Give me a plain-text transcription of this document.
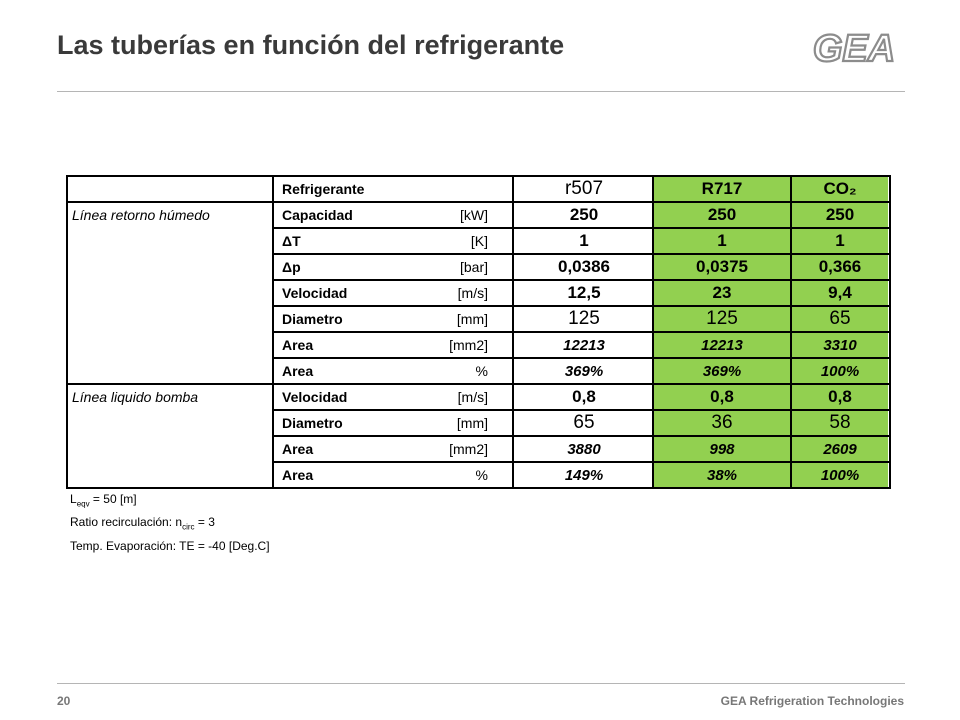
Las tuberías en función del refrigerante	GEA
Refrigerante	r507	R717	CO₂
Línea retorno húmedo	Capacidad	[kW]	250	250	250
ΔT	[K]	1	1	1
Δp	[bar]	0,0386	0,0375	0,366
Velocidad	[m/s]	12,5	23	9,4
Diametro	[mm]	125	125	65
Area	[mm2]	12213	12213	3310
Area	%	369%	369%	100%
Línea liquido bomba	Velocidad	[m/s]	0,8	0,8	0,8
Diametro	[mm]	65	36	58
Area	[mm2]	3880	998	2609
Area	%	149%	38%	100%
$L_{eqv} = 50$ [m]
Ratio recirculación: $n_{circ} = 3$
Temp. Evaporación: TE = -40 [Deg.C]
20	GEA Refrigeration Technologies
